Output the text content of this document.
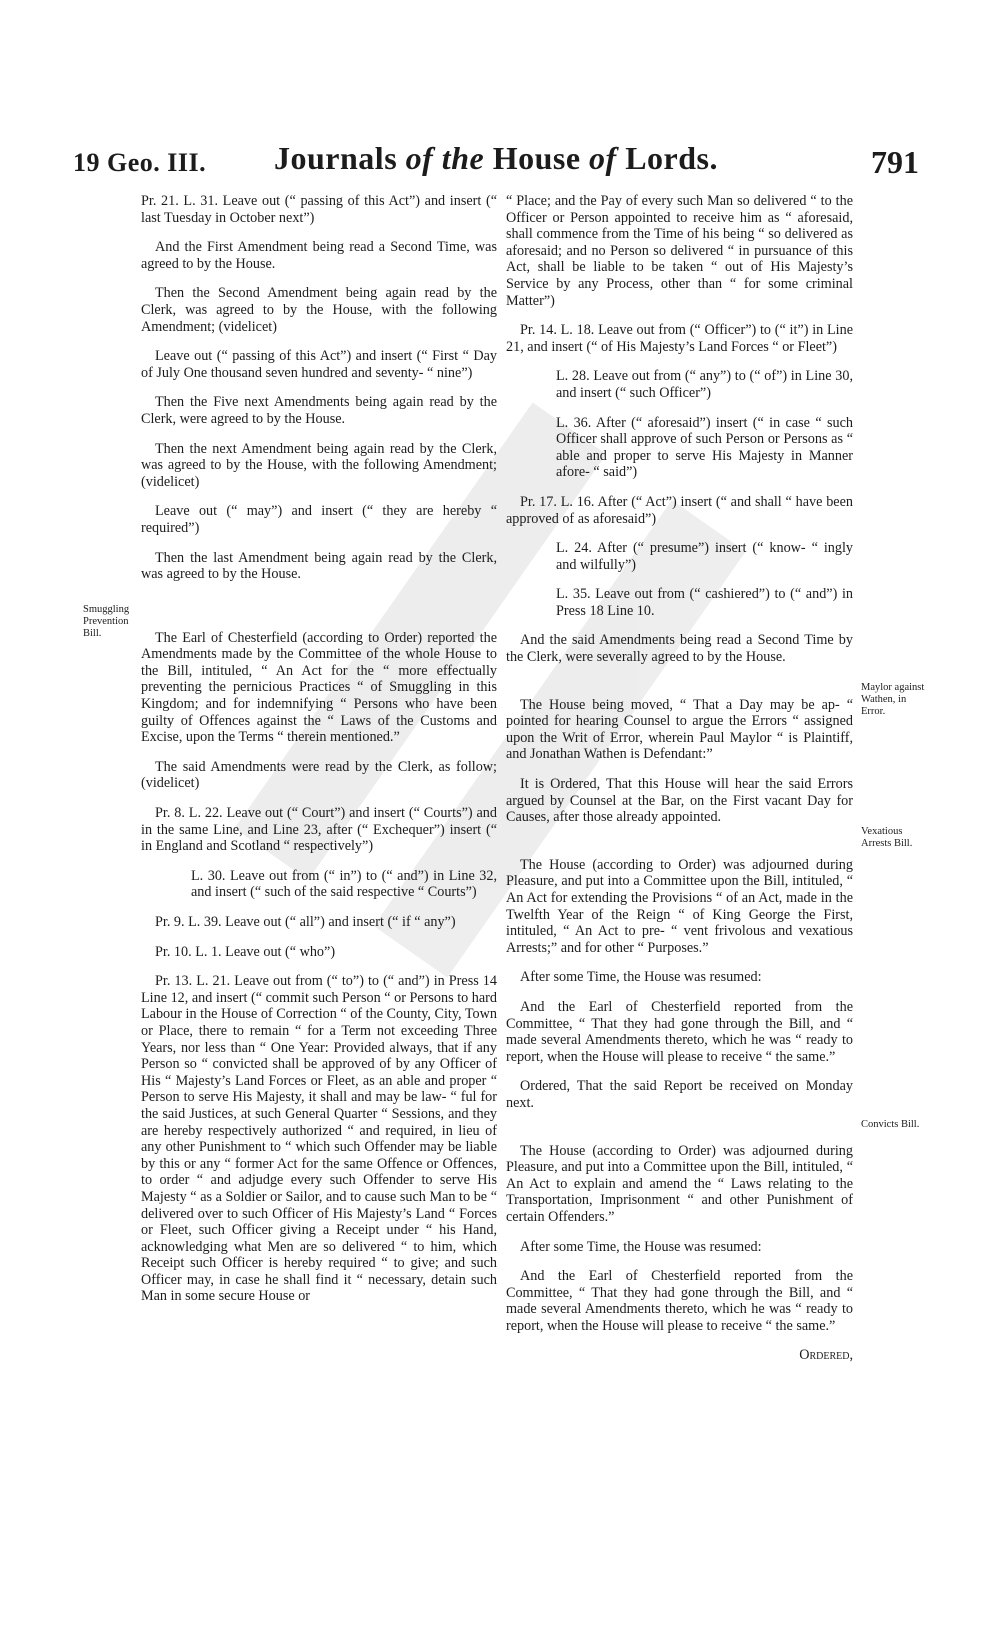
19 Geo. III.	Journals of the House of Lords.	791
Smuggling Prevention Bill.
Maylor against Wathen, in Error.
Vexatious Arrests Bill.
Convicts Bill.

Pr. 21. L. 31. Leave out (“ passing of this Act”) and insert (“ last Tuesday in October next”)

And the First Amendment being read a Second Time, was agreed to by the House.

Then the Second Amendment being again read by the Clerk, was agreed to by the House, with the following Amendment; (videlicet)

Leave out (“ passing of this Act”) and insert (“ First “ Day of July One thousand seven hundred and seventy- “ nine”)

Then the Five next Amendments being again read by the Clerk, were agreed to by the House.

Then the next Amendment being again read by the Clerk, was agreed to by the House, with the following Amendment; (videlicet)

Leave out (“ may”) and insert (“ they are hereby “ required”)

Then the last Amendment being again read by the Clerk, was agreed to by the House.

The Earl of Chesterfield (according to Order) reported the Amendments made by the Committee of the whole House to the Bill, intituled, “ An Act for the “ more effectually preventing the pernicious Practices “ of Smuggling in this Kingdom; and for indemnifying “ Persons who have been guilty of Offences against the “ Laws of the Customs and Excise, upon the Terms “ therein mentioned.”

The said Amendments were read by the Clerk, as follow; (videlicet)

Pr. 8. L. 22. Leave out (“ Court”) and insert (“ Courts”) and in the same Line, and Line 23, after (“ Exchequer”) insert (“ in England and Scotland “ respectively”)

L. 30. Leave out from (“ in”) to (“ and”) in Line 32, and insert (“ such of the said respective “ Courts”)

Pr. 9. L. 39. Leave out (“ all”) and insert (“ if “ any”)

Pr. 10. L. 1. Leave out (“ who”)

Pr. 13. L. 21. Leave out from (“ to”) to (“ and”) in Press 14 Line 12, and insert (“ commit such Person “ or Persons to hard Labour in the House of Correction “ of the County, City, Town or Place, there to remain “ for a Term not exceeding Three Years, nor less than “ One Year: Provided always, that if any Person so “ convicted shall be approved of by any Officer of His “ Majesty’s Land Forces or Fleet, as an able and proper “ Person to serve His Majesty, it shall and may be law- “ ful for the said Justices, at such General Quarter “ Sessions, and they are hereby respectively authorized “ and required, in lieu of any other Punishment to “ which such Offender may be liable by this or any “ former Act for the same Offence or Offences, to order “ and adjudge every such Offender to serve His Majesty “ as a Soldier or Sailor, and to cause such Man to be “ delivered over to such Officer of His Majesty’s Land “ Forces or Fleet, such Officer giving a Receipt under “ his Hand, acknowledging what Men are so delivered “ to him, which Receipt such Officer is hereby required “ to give; and such Officer may, in case he shall find it “ necessary, detain such Man in some secure House or

“ Place; and the Pay of every such Man so delivered “ to the Officer or Person appointed to receive him as “ aforesaid, shall commence from the Time of his being “ so delivered as aforesaid; and no Person so delivered “ in pursuance of this Act, shall be liable to be taken “ out of His Majesty’s Service by any Process, other than “ for some criminal Matter”)

Pr. 14. L. 18. Leave out from (“ Officer”) to (“ it”) in Line 21, and insert (“ of His Majesty’s Land Forces “ or Fleet”)

L. 28. Leave out from (“ any”) to (“ of”) in Line 30, and insert (“ such Officer”)

L. 36. After (“ aforesaid”) insert (“ in case “ such Officer shall approve of such Person or Persons as “ able and proper to serve His Majesty in Manner afore- “ said”)

Pr. 17. L. 16. After (“ Act”) insert (“ and shall “ have been approved of as aforesaid”)

L. 24. After (“ presume”) insert (“ know- “ ingly and wilfully”)

L. 35. Leave out from (“ cashiered”) to (“ and”) in Press 18 Line 10.

And the said Amendments being read a Second Time by the Clerk, were severally agreed to by the House.

The House being moved, “ That a Day may be ap- “ pointed for hearing Counsel to argue the Errors “ assigned upon the Writ of Error, wherein Paul Maylor “ is Plaintiff, and Jonathan Wathen is Defendant:”

It is Ordered, That this House will hear the said Errors argued by Counsel at the Bar, on the First vacant Day for Causes, after those already appointed.

The House (according to Order) was adjourned during Pleasure, and put into a Committee upon the Bill, intituled, “ An Act for extending the Provisions “ of an Act, made in the Twelfth Year of the Reign “ of King George the First, intituled, “ An Act to pre- “ vent frivolous and vexatious Arrests;” and for other “ Purposes.”

After some Time, the House was resumed:

And the Earl of Chesterfield reported from the Committee, “ That they had gone through the Bill, and “ made several Amendments thereto, which he was “ ready to report, when the House will please to receive “ the same.”

Ordered, That the said Report be received on Monday next.

The House (according to Order) was adjourned during Pleasure, and put into a Committee upon the Bill, intituled, “ An Act to explain and amend the “ Laws relating to the Transportation, Imprisonment “ and other Punishment of certain Offenders.”

After some Time, the House was resumed:

And the Earl of Chesterfield reported from the Committee, “ That they had gone through the Bill, and “ made several Amendments thereto, which he was “ ready to report, when the House will please to receive “ the same.”

Ordered,
